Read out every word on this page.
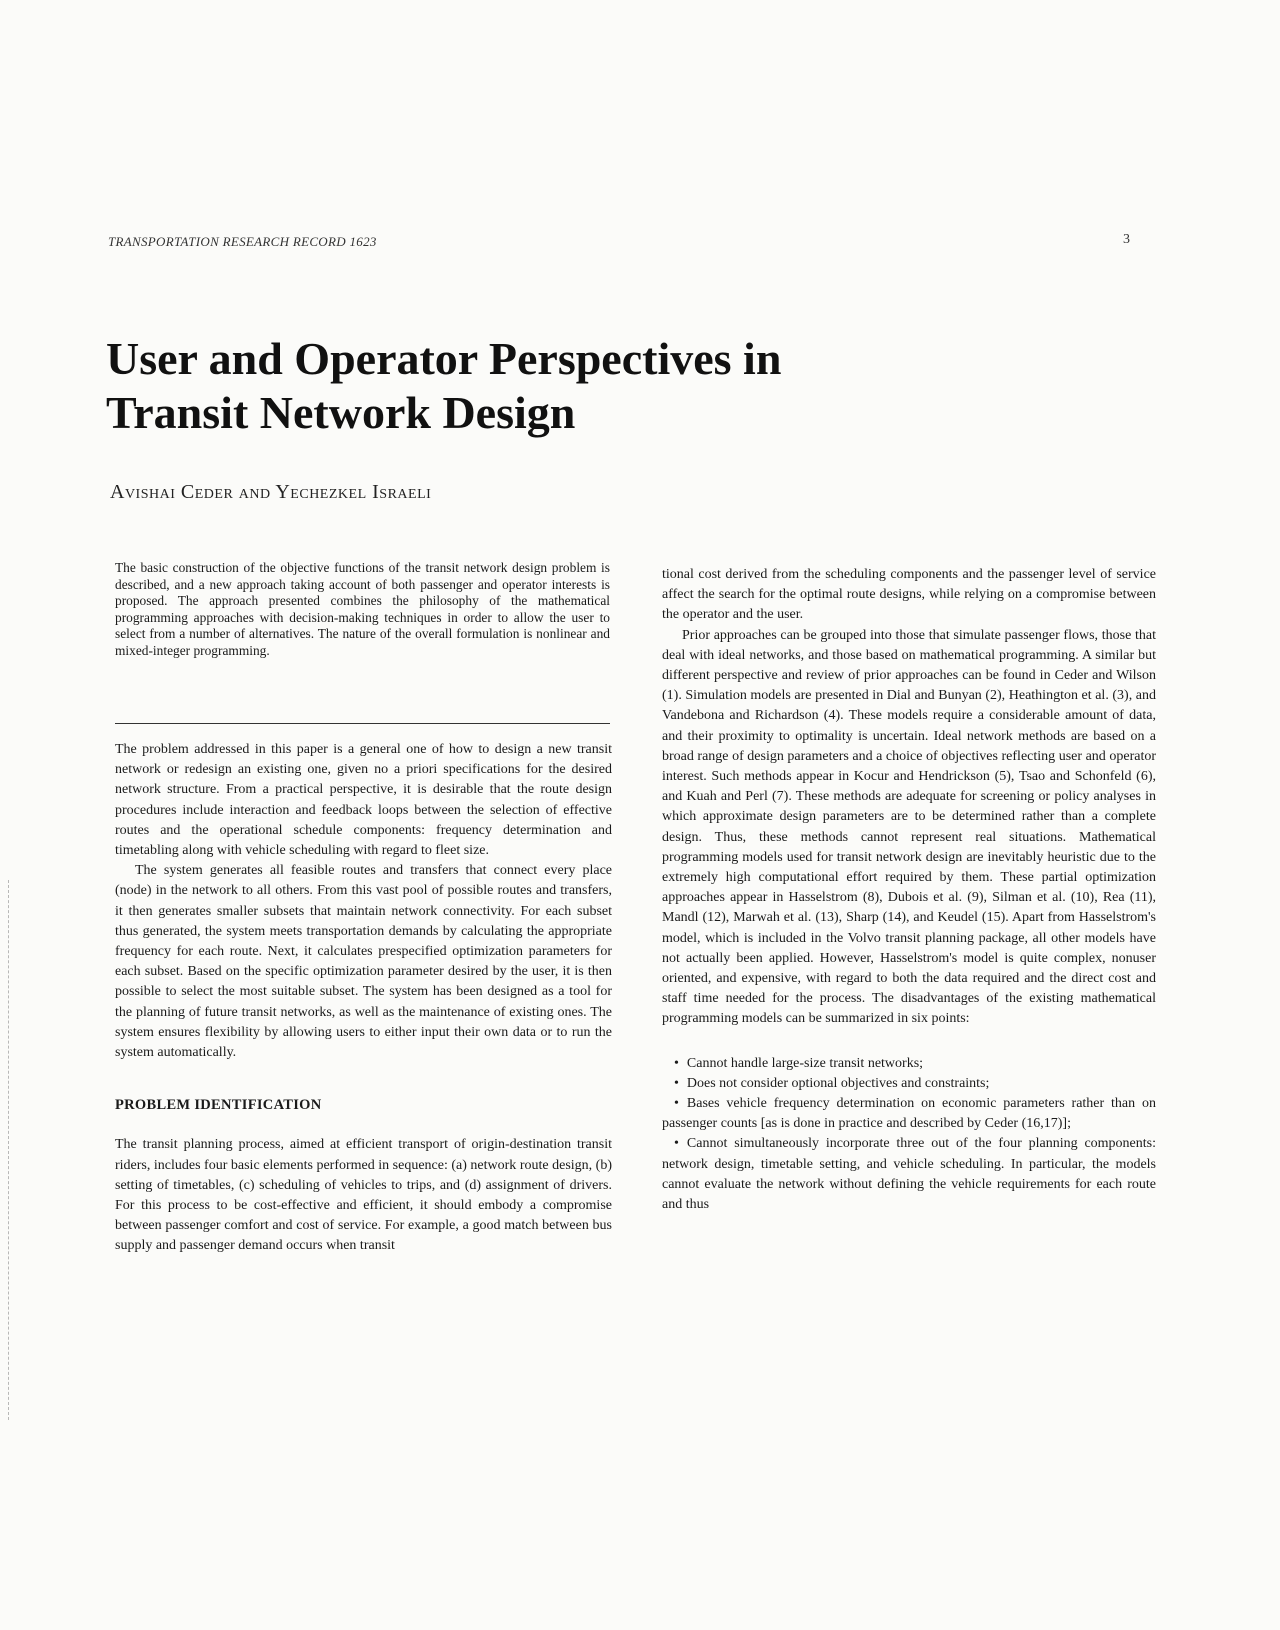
TRANSPORTATION RESEARCH RECORD 1623	3
User and Operator Perspectives in
Transit Network Design
Avishai Ceder and Yechezkel Israeli

The basic construction of the objective functions of the transit network design problem is described, and a new approach taking account of both passenger and operator interests is proposed. The approach presented combines the philosophy of the mathematical programming approaches with decision-making techniques in order to allow the user to select from a number of alternatives. The nature of the overall formulation is nonlinear and mixed-integer programming.

The problem addressed in this paper is a general one of how to design a new transit network or redesign an existing one, given no a priori specifications for the desired network structure. From a practical perspective, it is desirable that the route design procedures include interaction and feedback loops between the selection of effective routes and the operational schedule components: frequency determination and timetabling along with vehicle scheduling with regard to fleet size.

The system generates all feasible routes and transfers that connect every place (node) in the network to all others. From this vast pool of possible routes and transfers, it then generates smaller subsets that maintain network connectivity. For each subset thus generated, the system meets transportation demands by calculating the appropriate frequency for each route. Next, it calculates prespecified optimization parameters for each subset. Based on the specific optimization parameter desired by the user, it is then possible to select the most suitable subset. The system has been designed as a tool for the planning of future transit networks, as well as the maintenance of existing ones. The system ensures flexibility by allowing users to either input their own data or to run the system automatically.

PROBLEM IDENTIFICATION

The transit planning process, aimed at efficient transport of origin-destination transit riders, includes four basic elements performed in sequence: (a) network route design, (b) setting of timetables, (c) scheduling of vehicles to trips, and (d) assignment of drivers. For this process to be cost-effective and efficient, it should embody a compromise between passenger comfort and cost of service. For example, a good match between bus supply and passenger demand occurs when transit

tional cost derived from the scheduling components and the passenger level of service affect the search for the optimal route designs, while relying on a compromise between the operator and the user.

Prior approaches can be grouped into those that simulate passenger flows, those that deal with ideal networks, and those based on mathematical programming. A similar but different perspective and review of prior approaches can be found in Ceder and Wilson (1). Simulation models are presented in Dial and Bunyan (2), Heathington et al. (3), and Vandebona and Richardson (4). These models require a considerable amount of data, and their proximity to optimality is uncertain. Ideal network methods are based on a broad range of design parameters and a choice of objectives reflecting user and operator interest. Such methods appear in Kocur and Hendrickson (5), Tsao and Schonfeld (6), and Kuah and Perl (7). These methods are adequate for screening or policy analyses in which approximate design parameters are to be determined rather than a complete design. Thus, these methods cannot represent real situations. Mathematical programming models used for transit network design are inevitably heuristic due to the extremely high computational effort required by them. These partial optimization approaches appear in Hasselstrom (8), Dubois et al. (9), Silman et al. (10), Rea (11), Mandl (12), Marwah et al. (13), Sharp (14), and Keudel (15). Apart from Hasselstrom's model, which is included in the Volvo transit planning package, all other models have not actually been applied. However, Hasselstrom's model is quite complex, nonuser oriented, and expensive, with regard to both the data required and the direct cost and staff time needed for the process. The disadvantages of the existing mathematical programming models can be summarized in six points:

• Cannot handle large-size transit networks;
• Does not consider optional objectives and constraints;
• Bases vehicle frequency determination on economic parameters rather than on passenger counts [as is done in practice and described by Ceder (16,17)];
• Cannot simultaneously incorporate three out of the four planning components: network design, timetable setting, and vehicle scheduling. In particular, the models cannot evaluate the network without defining the vehicle requirements for each route and thus
